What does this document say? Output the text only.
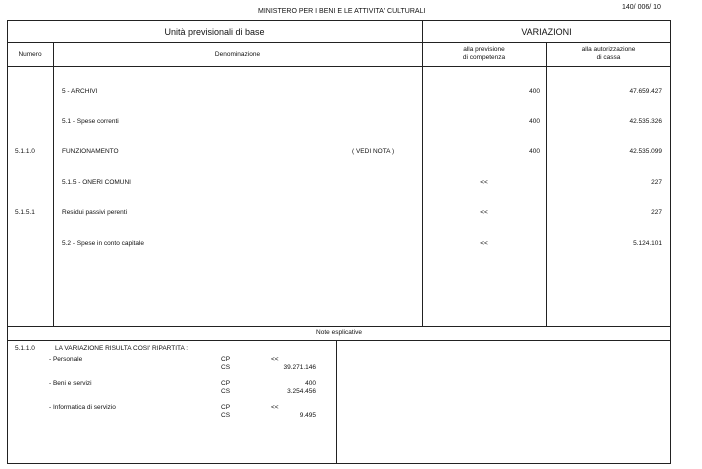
MINISTERO PER I BENI E LE ATTIVITA' CULTURALI
140/ 006/ 10
Unità previsionali di base	VARIAZIONI
Numero	Denominazione
alla previsione
di competenza
alla autorizzazione
di cassa
5 - ARCHIVI	400	47.659.427
5.1 - Spese correnti	400	42.535.326
5.1.1.0	FUNZIONAMENTO	( VEDI NOTA )	400	42.535.099
5.1.5 - ONERI COMUNI	<<	227
5.1.5.1	Residui passivi perenti	<<	227
5.2 - Spese in conto capitale	<<	5.124.101
Note esplicative
5.1.1.0	LA VARIAZIONE RISULTA COSI' RIPARTITA :
- Personale	CP	<<
CS	39.271.146
- Beni e servizi	CP	400
CS	3.254.456
- Informatica di servizio	CP	<<
CS	9.495
